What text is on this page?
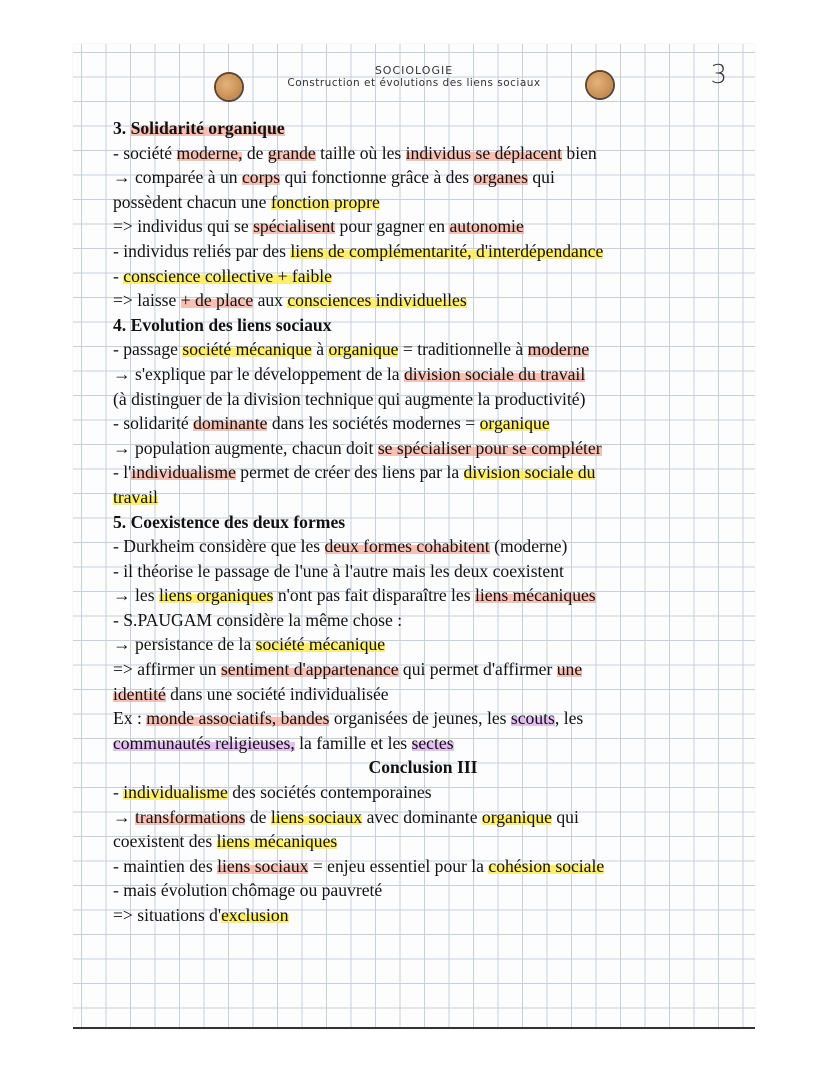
SOCIOLOGIE
Construction et évolutions des liens sociaux	3
3. Solidarité organique
- société moderne, de grande taille où les individus se déplacent bien
→ comparée à un corps qui fonctionne grâce à des organes qui
possèdent chacun une fonction propre
=> individus qui se spécialisent pour gagner en autonomie
- individus reliés par des liens de complémentarité, d'interdépendance
- conscience collective + faible
=> laisse + de place aux consciences individuelles
4. Evolution des liens sociaux
- passage société mécanique à organique = traditionnelle à moderne
→ s'explique par le développement de la division sociale du travail
(à distinguer de la division technique qui augmente la productivité)
- solidarité dominante dans les sociétés modernes = organique
→ population augmente, chacun doit se spécialiser pour se compléter
- l'individualisme permet de créer des liens par la division sociale du
travail
5. Coexistence des deux formes
- Durkheim considère que les deux formes cohabitent (moderne)
- il théorise le passage de l'une à l'autre mais les deux coexistent
→ les liens organiques n'ont pas fait disparaître les liens mécaniques
- S.PAUGAM considère la même chose :
→ persistance de la société mécanique
=> affirmer un sentiment d'appartenance qui permet d'affirmer une
identité dans une société individualisée
Ex : monde associatifs, bandes organisées de jeunes, les scouts, les
communautés religieuses, la famille et les sectes
Conclusion III
- individualisme des sociétés contemporaines
→ transformations de liens sociaux avec dominante organique qui
coexistent des liens mécaniques
- maintien des liens sociaux = enjeu essentiel pour la cohésion sociale
- mais évolution chômage ou pauvreté
=> situations d'exclusion
